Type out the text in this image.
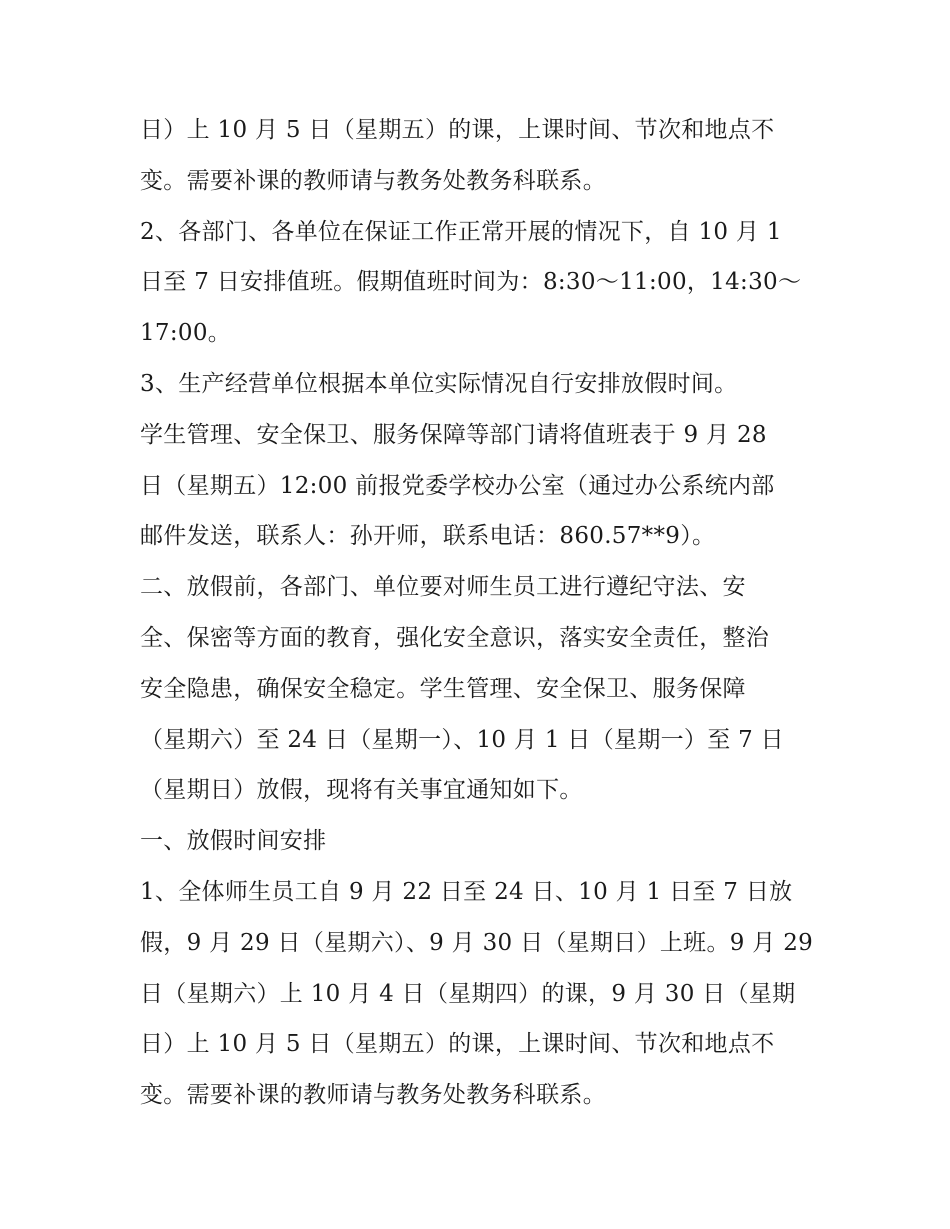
日）上 10 月 5 日（星期五）的课，上课时间、节次和地点不
变。需要补课的教师请与教务处教务科联系。
2、各部门、各单位在保证工作正常开展的情况下，自 10 月 1
日至 7 日安排值班。假期值班时间为：8:30～11:00，14:30～
17:00。
3、生产经营单位根据本单位实际情况自行安排放假时间。
学生管理、安全保卫、服务保障等部门请将值班表于 9 月 28
日（星期五）12:00 前报党委学校办公室（通过办公系统内部
邮件发送，联系人：孙开师，联系电话：860.57**9）。
二、放假前，各部门、单位要对师生员工进行遵纪守法、安
全、保密等方面的教育，强化安全意识，落实安全责任，整治
安全隐患，确保安全稳定。学生管理、安全保卫、服务保障
（星期六）至 24 日（星期一）、10 月 1 日（星期一）至 7 日
（星期日）放假，现将有关事宜通知如下。
一、放假时间安排
1、全体师生员工自 9 月 22 日至 24 日、10 月 1 日至 7 日放
假，9 月 29 日（星期六）、9 月 30 日（星期日）上班。9 月 29
日（星期六）上 10 月 4 日（星期四）的课，9 月 30 日（星期
日）上 10 月 5 日（星期五）的课，上课时间、节次和地点不
变。需要补课的教师请与教务处教务科联系。
